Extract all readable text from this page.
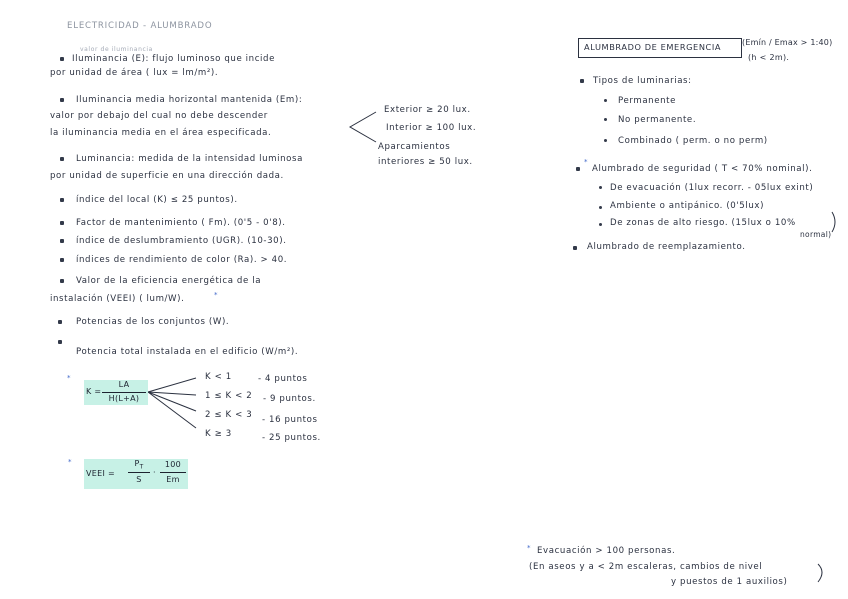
ELECTRICIDAD - ALUMBRADO
valor de iluminancia
Iluminancia (E): flujo luminoso que incide
por unidad de área ( lux = lm/m²).
Iluminancia media horizontal mantenida (Em):
valor por debajo del cual no debe descender
la iluminancia media en el área especificada.
Luminancia: medida de la intensidad luminosa
por unidad de superficie en una dirección dada.
índice del local (K) ≤ 25 puntos).
Factor de mantenimiento ( Fm). (0'5 - 0'8).
índice de deslumbramiento (UGR). (10-30).
índices de rendimiento de color (Ra). > 40.
Valor de la eficiencia energética de la
instalación (VEEI) ( lum/W).	*
Potencias de los conjuntos (W).
Potencia total instalada en el edificio (W/m²).
Exterior ≥ 20 lux.
Interior ≥ 100 lux.
Aparcamientos interiores ≥ 50 lux.
*
K =
LA
H(L+A)
K < 1	- 4 puntos
1 ≤ K < 2 - 9 puntos.
2 ≤ K < 3 - 16 puntos
K ≥ 3	- 25 puntos.
*
VEEI =
$P_T$
S
·
100
Em
ALUMBRADO DE EMERGENCIA	(Emín / Emax > 1:40)
(h < 2m).
Tipos de luminarias:
Permanente
No permanente.
Combinado ( perm. o no perm)
*
Alumbrado de seguridad ( T < 70% nominal).
De evacuación (1lux recorr. - 05lux exint)
Ambiente o antipánico. (0'5lux)
De zonas de alto riesgo. (15lux o 10%
normal)
Alumbrado de reemplazamiento.
* Evacuación > 100 personas.
(En aseos y a < 2m escaleras, cambios de nivel
y puestos de 1 auxilios)
